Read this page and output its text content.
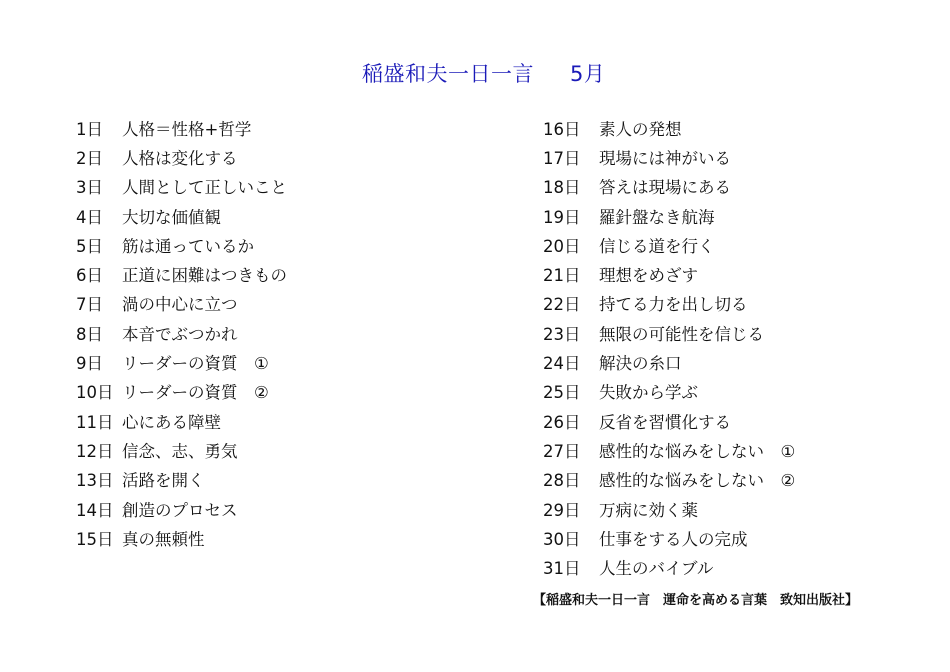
稲盛和夫一日一言 5月
1日	人格＝性格+哲学
2日	人格は変化する
3日	人間として正しいこと
4日	大切な価値観
5日	筋は通っているか
6日	正道に困難はつきもの
7日	渦の中心に立つ
8日	本音でぶつかれ
9日	リーダーの資質　①
10日 リーダーの資質　②
11日 心にある障壁
12日 信念、志、勇気
13日 活路を開く
14日 創造のプロセス
15日 真の無頼性
16日	素人の発想
17日	現場には神がいる
18日	答えは現場にある
19日	羅針盤なき航海
20日	信じる道を行く
21日	理想をめざす
22日	持てる力を出し切る
23日	無限の可能性を信じる
24日	解決の糸口
25日	失敗から学ぶ
26日	反省を習慣化する
27日	感性的な悩みをしない　①
28日	感性的な悩みをしない　②
29日	万病に効く薬
30日	仕事をする人の完成
31日	人生のバイブル
【稲盛和夫一日一言　運命を高める言葉　致知出版社】
